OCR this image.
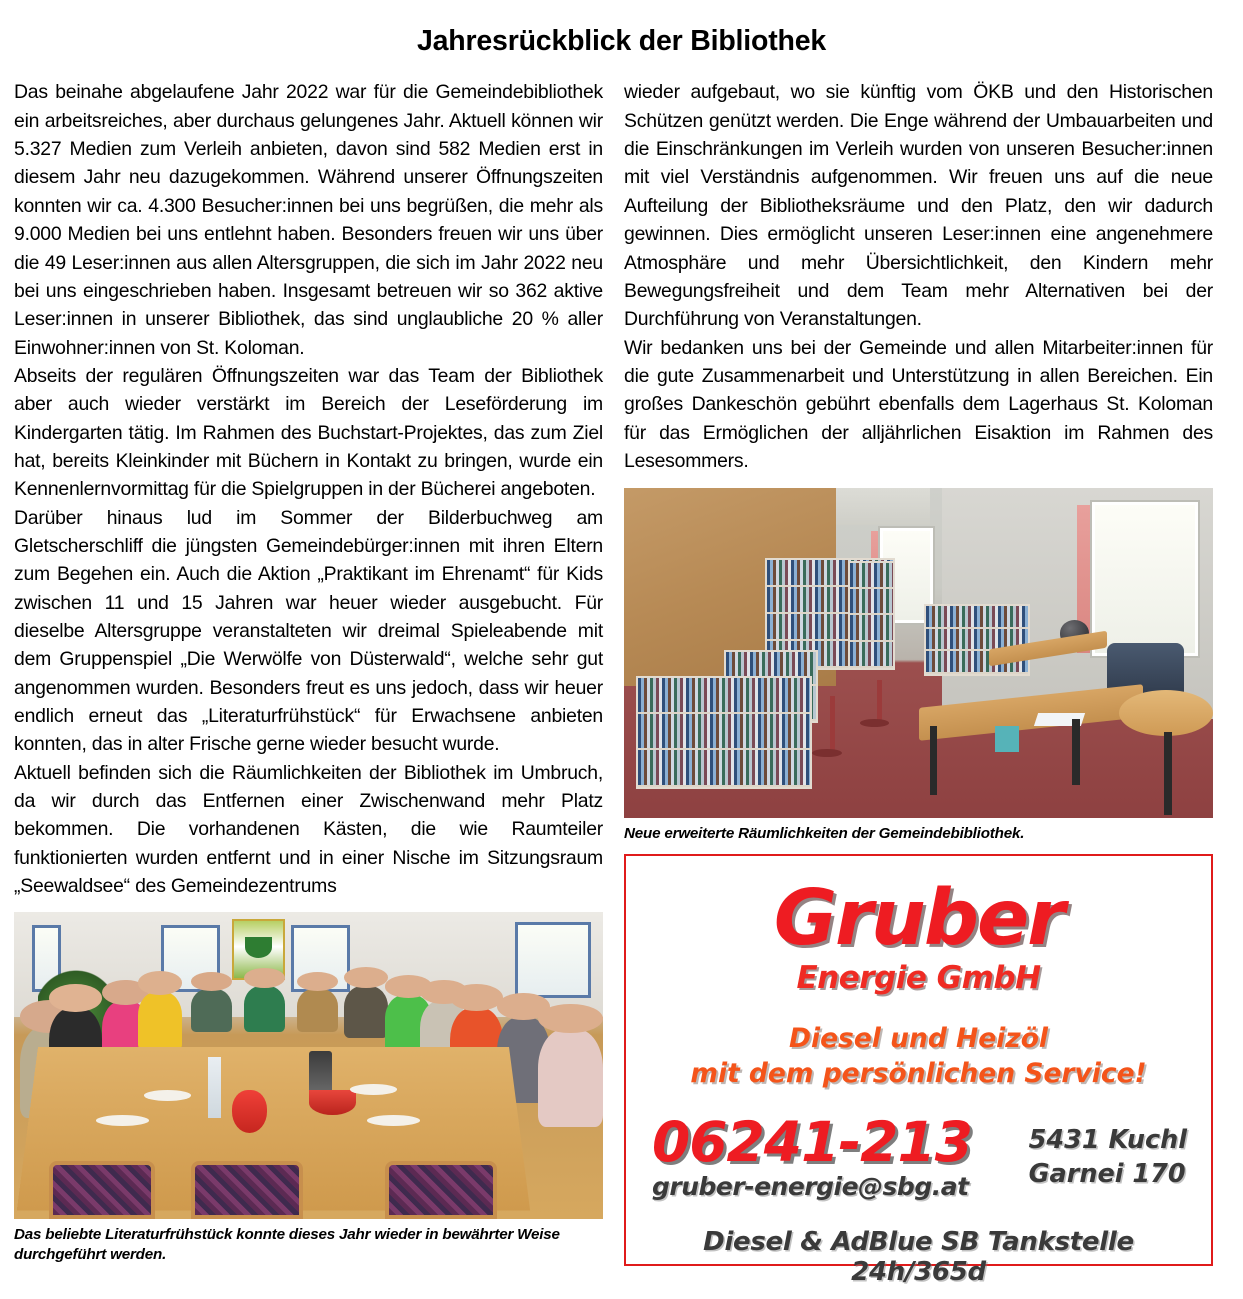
Jahresrückblick der Bibliothek

Das beinahe abgelaufene Jahr 2022 war für die Gemeindebibliothek ein arbeitsreiches, aber durchaus gelungenes Jahr. Aktuell können wir 5.327 Medien zum Verleih anbieten, davon sind 582 Medien erst in diesem Jahr neu dazugekommen. Während unserer Öffnungszeiten konnten wir ca. 4.300 Besucher:innen bei uns begrüßen, die mehr als 9.000 Medien bei uns entlehnt haben. Besonders freuen wir uns über die 49 Leser:innen aus allen Altersgruppen, die sich im Jahr 2022 neu bei uns eingeschrieben haben. Insgesamt betreuen wir so 362 aktive Leser:innen in unserer Bibliothek, das sind unglaubliche 20 % aller Einwohner:innen von St. Koloman.

Abseits der regulären Öffnungszeiten war das Team der Bibliothek aber auch wieder verstärkt im Bereich der Leseförderung im Kindergarten tätig. Im Rahmen des Buchstart-Projektes, das zum Ziel hat, bereits Kleinkinder mit Büchern in Kontakt zu bringen, wurde ein Kennenlernvormittag für die Spielgruppen in der Bücherei angeboten.

Darüber hinaus lud im Sommer der Bilderbuchweg am Gletscherschliff die jüngsten Gemeindebürger:innen mit ihren Eltern zum Begehen ein. Auch die Aktion „Praktikant im Ehrenamt“ für Kids zwischen 11 und 15 Jahren war heuer wieder ausgebucht. Für dieselbe Altersgruppe veranstalteten wir dreimal Spieleabende mit dem Gruppenspiel „Die Werwölfe von Düsterwald“, welche sehr gut angenommen wurden. Besonders freut es uns jedoch, dass wir heuer endlich erneut das „Literaturfrühstück“ für Erwachsene anbieten konnten, das in alter Frische gerne wieder besucht wurde.

Aktuell befinden sich die Räumlichkeiten der Bibliothek im Umbruch, da wir durch das Entfernen einer Zwischenwand mehr Platz bekommen. Die vorhandenen Kästen, die wie Raumteiler funktionierten wurden entfernt und in einer Nische im Sitzungsraum „Seewaldsee“ des Gemeindezentrums

Das beliebte Literaturfrühstück konnte dieses Jahr wieder in bewährter Weise durchgeführt werden.

wieder aufgebaut, wo sie künftig vom ÖKB und den Historischen Schützen genützt werden. Die Enge während der Umbauarbeiten und die Einschränkungen im Verleih wurden von unseren Besucher:innen mit viel Verständnis aufgenommen. Wir freuen uns auf die neue Aufteilung der Bibliotheksräume und den Platz, den wir dadurch gewinnen. Dies ermöglicht unseren Leser:innen eine angenehmere Atmosphäre und mehr Übersichtlichkeit, den Kindern mehr Bewegungsfreiheit und dem Team mehr Alternativen bei der Durchführung von Veranstaltungen.

Wir bedanken uns bei der Gemeinde und allen Mitarbeiter:innen für die gute Zusammenarbeit und Unterstützung in allen Bereichen. Ein großes Dankeschön gebührt ebenfalls dem Lagerhaus St. Koloman für das Ermöglichen der alljährlichen Eisaktion im Rahmen des Lesesommers.

Neue erweiterte Räumlichkeiten der Gemeindebibliothek.
Gruber
Energie GmbH
Diesel und Heizöl
mit dem persönlichen Service!
06241-213
gruber-energie@sbg.at
5431 Kuchl
Garnei 170
Diesel & AdBlue SB Tankstelle 24h/365d
